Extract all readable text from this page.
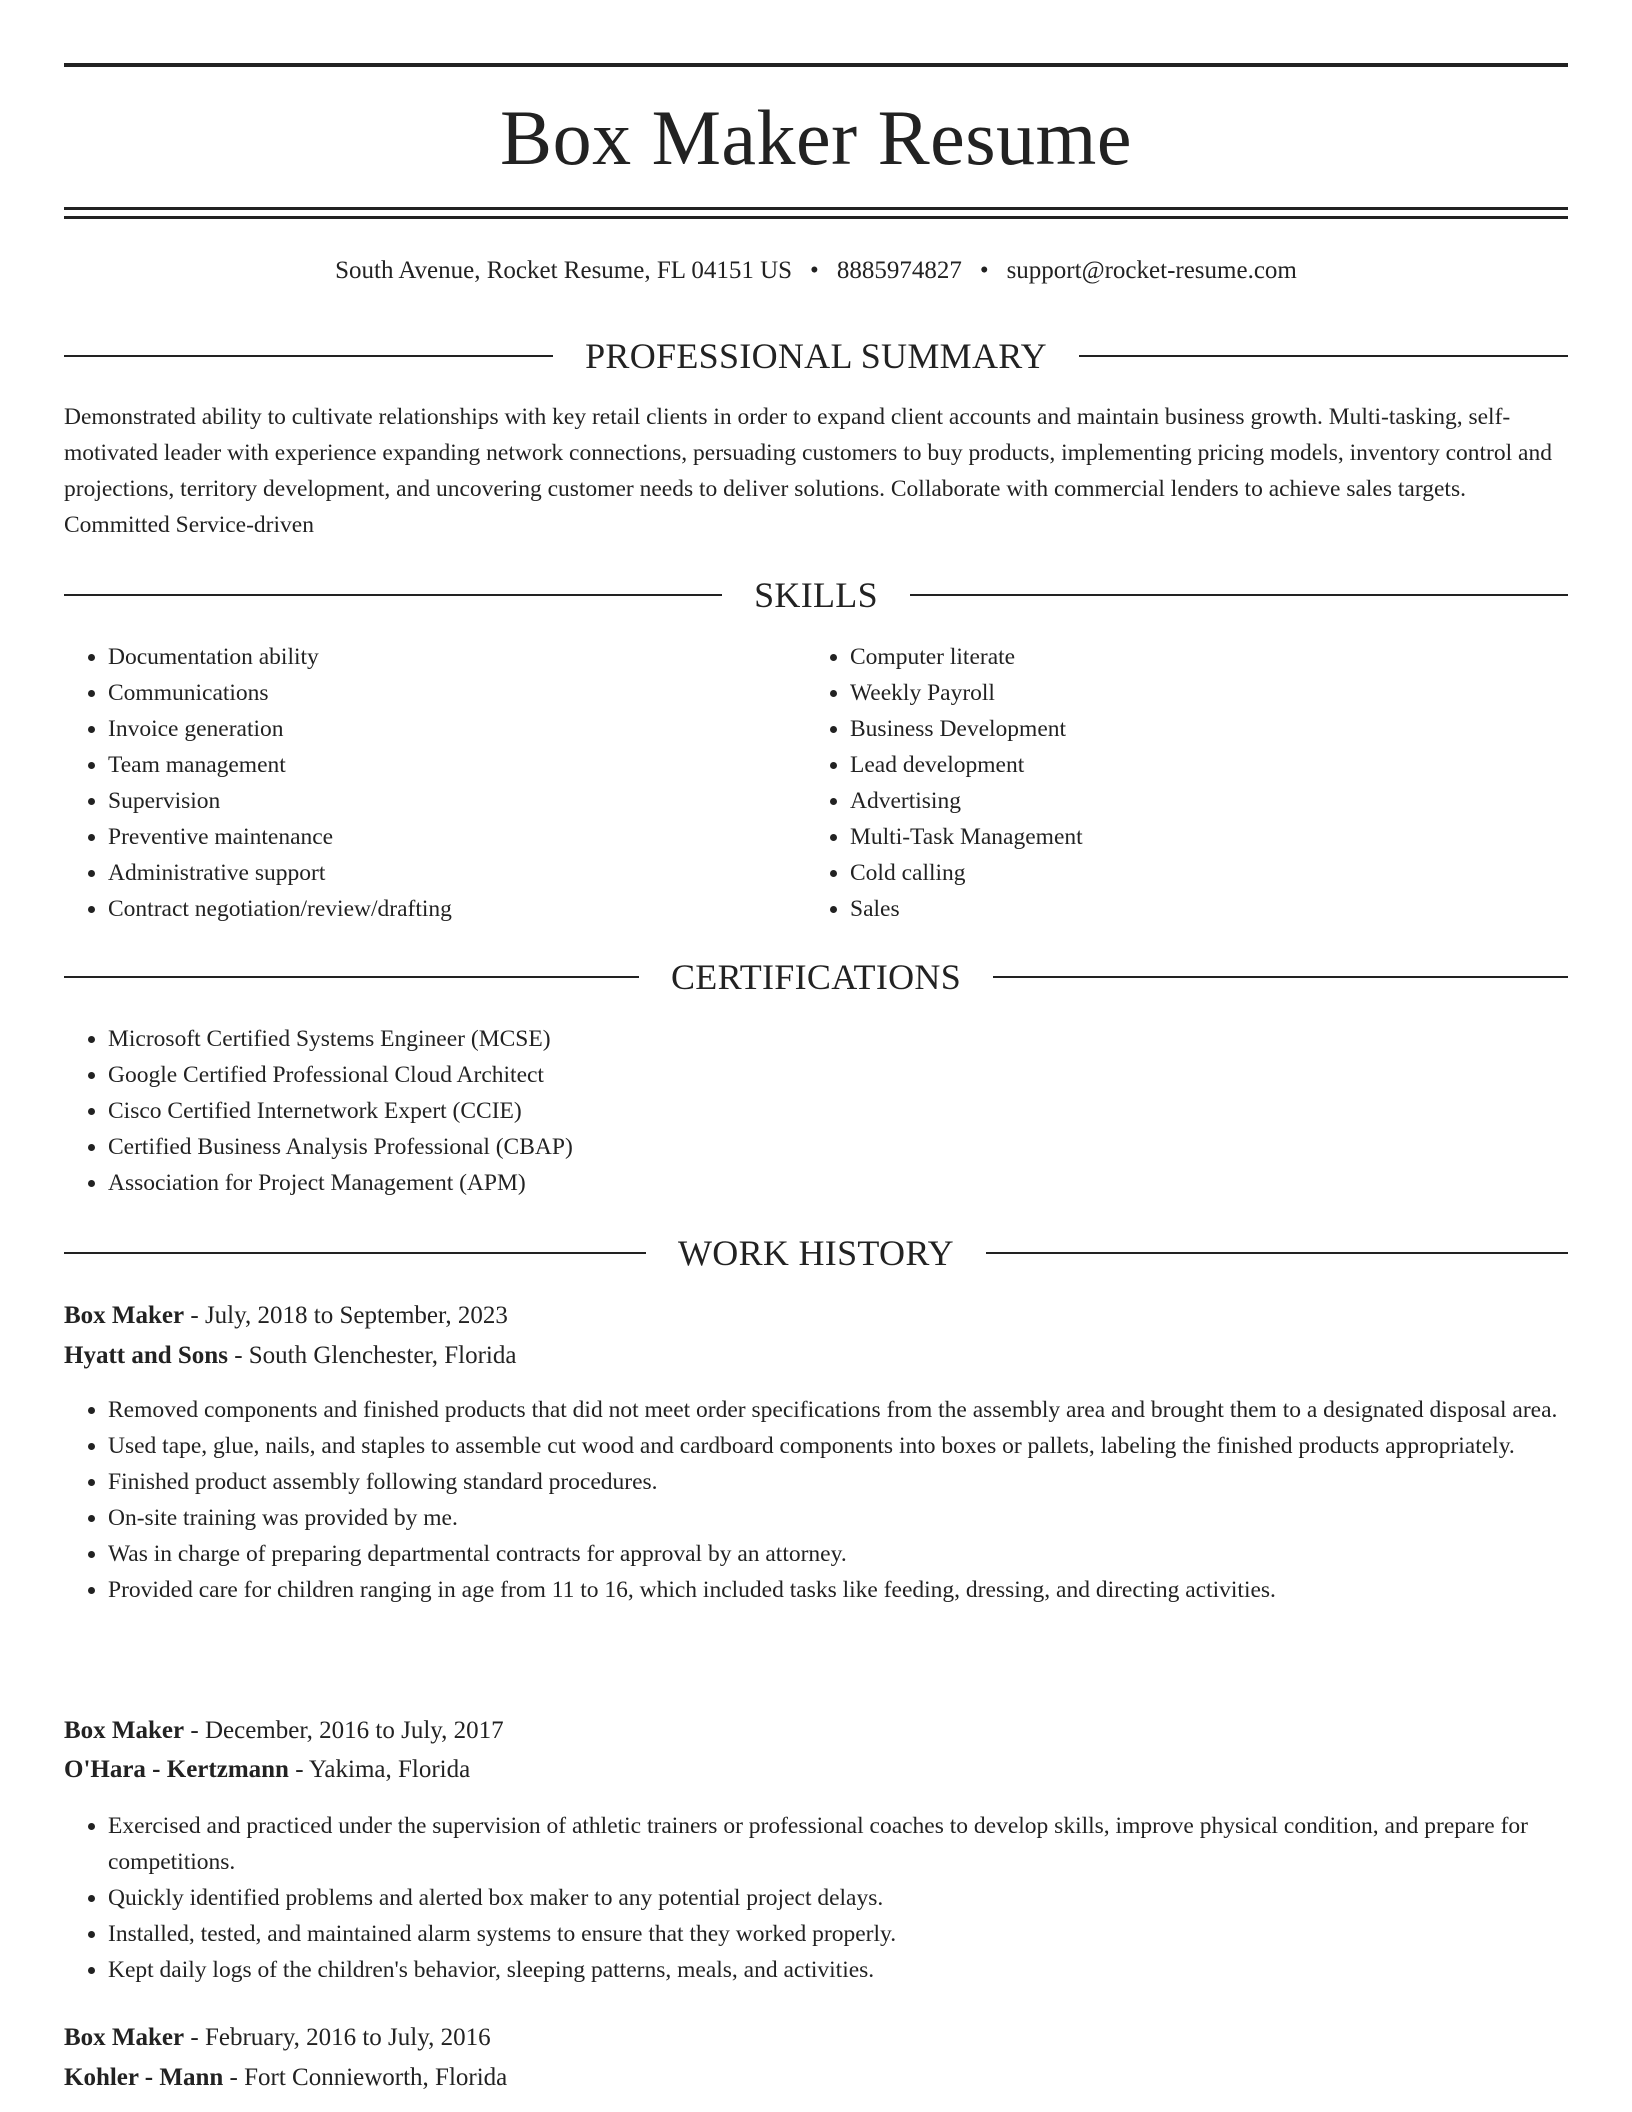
Box Maker Resume
South Avenue, Rocket Resume, FL 04151 US • 8885974827 • support@rocket-resume.com
PROFESSIONAL SUMMARY

Demonstrated ability to cultivate relationships with key retail clients in order to expand client accounts and maintain business growth. Multi-tasking, self-motivated leader with experience expanding network connections, persuading customers to buy products, implementing pricing models, inventory control and projections, territory development, and uncovering customer needs to deliver solutions. Collaborate with commercial lenders to achieve sales targets. Committed Service-driven

SKILLS
• Documentation ability
• Communications
• Invoice generation
• Team management
• Supervision
• Preventive maintenance
• Administrative support
• Contract negotiation/review/drafting
• Computer literate
• Weekly Payroll
• Business Development
• Lead development
• Advertising
• Multi-Task Management
• Cold calling
• Sales
CERTIFICATIONS
• Microsoft Certified Systems Engineer (MCSE)
• Google Certified Professional Cloud Architect
• Cisco Certified Internetwork Expert (CCIE)
• Certified Business Analysis Professional (CBAP)
• Association for Project Management (APM)
WORK HISTORY
Box Maker - July, 2018 to September, 2023
Hyatt and Sons - South Glenchester, Florida
• Removed components and finished products that did not meet order specifications from the assembly area and brought them to a designated disposal area.
• Used tape, glue, nails, and staples to assemble cut wood and cardboard components into boxes or pallets, labeling the finished products appropriately.
• Finished product assembly following standard procedures.
• On-site training was provided by me.
• Was in charge of preparing departmental contracts for approval by an attorney.
• Provided care for children ranging in age from 11 to 16, which included tasks like feeding, dressing, and directing activities.
Box Maker - December, 2016 to July, 2017
O'Hara - Kertzmann - Yakima, Florida
• Exercised and practiced under the supervision of athletic trainers or professional coaches to develop skills, improve physical condition, and prepare for competitions.
• Quickly identified problems and alerted box maker to any potential project delays.
• Installed, tested, and maintained alarm systems to ensure that they worked properly.
• Kept daily logs of the children's behavior, sleeping patterns, meals, and activities.
Box Maker - February, 2016 to July, 2016
Kohler - Mann - Fort Connieworth, Florida
